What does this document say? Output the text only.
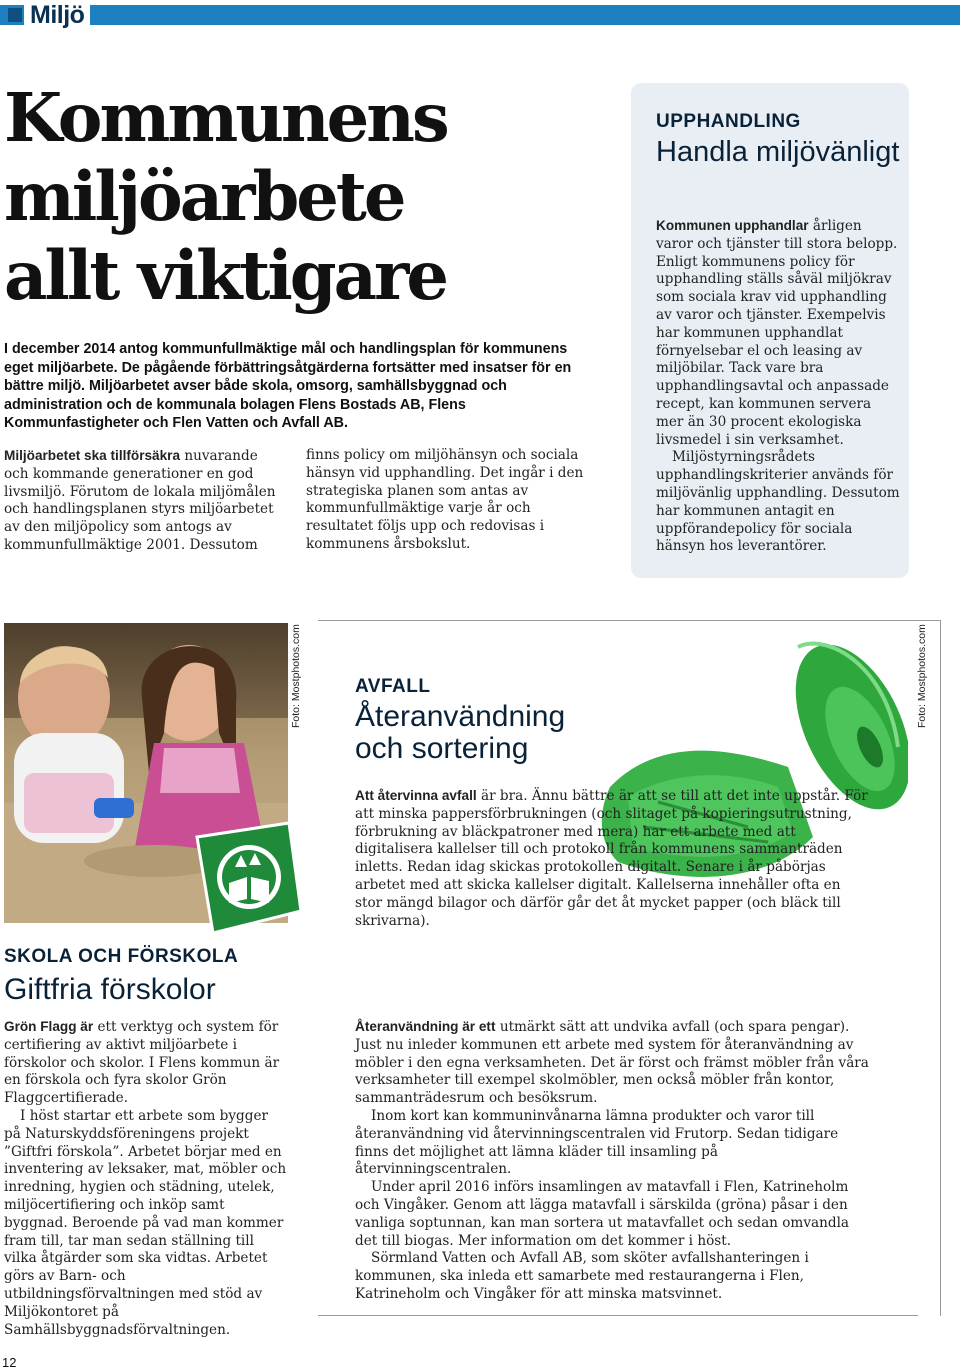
Miljö
Kommunens
miljöarbete
allt viktigare

I december 2014 antog kommunfullmäktige mål och handlingsplan för kommunens eget miljöarbete. De pågående förbättringsåtgärderna fortsätter med insatser för en bättre miljö. Miljöarbetet avser både skola, omsorg, samhällsbyggnad och administration och de kommunala bolagen Flens Bostads AB, Flens Kommunfastigheter och Flen Vatten och Avfall AB.

Miljöarbetet ska tillförsäkra nuvarande och kommande generationer en god livsmiljö. Förutom de lokala miljömålen och handlingsplanen styrs miljöarbetet av den miljöpolicy som antogs av kommunfullmäktige 2001. Dessutom

finns policy om miljöhänsyn och sociala hänsyn vid upphandling. Det ingår i den strategiska planen som antas av kommunfullmäktige varje år och resultatet följs upp och redovisas i kommunens årsbokslut.

UPPHANDLING
Handla miljövänligt

Kommunen upphandlar årligen varor och tjänster till stora belopp. Enligt kommunens policy för upphandling ställs såväl miljökrav som sociala krav vid upphandling av varor och tjänster. Exempelvis har kommunen upphandlat förnyelsebar el och leasing av miljöbilar. Tack vare bra upphandlingsavtal och anpassade recept, kan kommunen servera mer än 30 procent ekologiska livsmedel i sin verksamhet.

Miljöstyrningsrådets upphandlingskriterier används för miljövänlig upphandling. Dessutom har kommunen antagit en uppförandepolicy för sociala hänsyn hos leverantörer.

Foto: Mostphotos.com
SKOLA OCH FÖRSKOLA
Giftfria förskolor

Grön Flagg är ett verktyg och system för certifiering av aktivt miljöarbete i förskolor och skolor. I Flens kommun är en förskola och fyra skolor Grön Flaggcertifierade.

I höst startar ett arbete som bygger på Naturskyddsföreningens projekt ”Giftfri förskola”. Arbetet börjar med en inventering av leksaker, mat, möbler och inredning, hygien och städning, utelek, miljöcertifiering och inköp samt byggnad. Beroende på vad man kommer fram till, tar man sedan ställning till vilka åtgärder som ska vidtas. Arbetet görs av Barn- och utbildningsförvaltningen med stöd av Miljökontoret på Samhällsbyggnadsförvaltningen.

Foto: Mostphotos.com
AVFALL
Återanvändning och sortering

Att återvinna avfall är bra. Ännu bättre är att se till att det inte uppstår. För att minska pappersförbrukningen (och slitaget på kopieringsutrustning, förbrukning av bläckpatroner med mera) har ett arbete med att digitalisera kallelser till och protokoll från kommunens sammanträden inletts. Redan idag skickas protokollen digitalt. Senare i år påbörjas arbetet med att skicka kallelser digitalt. Kallelserna innehåller ofta en stor mängd bilagor och därför går det åt mycket papper (och bläck till skrivarna).

Återanvändning är ett utmärkt sätt att undvika avfall (och spara pengar). Just nu inleder kommunen ett arbete med system för återanvändning av möbler i den egna verksamheten. Det är först och främst möbler från våra verksamheter till exempel skolmöbler, men också möbler från kontor, sammanträdesrum och besöksrum.

Inom kort kan kommuninvånarna lämna produkter och varor till återanvändning vid återvinningscentralen vid Frutorp. Sedan tidigare finns det möjlighet att lämna kläder till insamling på återvinningscentralen.

Under april 2016 införs insamlingen av matavfall i Flen, Katrineholm och Vingåker. Genom att lägga matavfall i särskilda (gröna) påsar i den vanliga soptunnan, kan man sortera ut matavfallet och sedan omvandla det till biogas. Mer information om det kommer i höst.

Sörmland Vatten och Avfall AB, som sköter avfallshanteringen i kommunen, ska inleda ett samarbete med restaurangerna i Flen, Katrineholm och Vingåker för att minska matsvinnet.

12
